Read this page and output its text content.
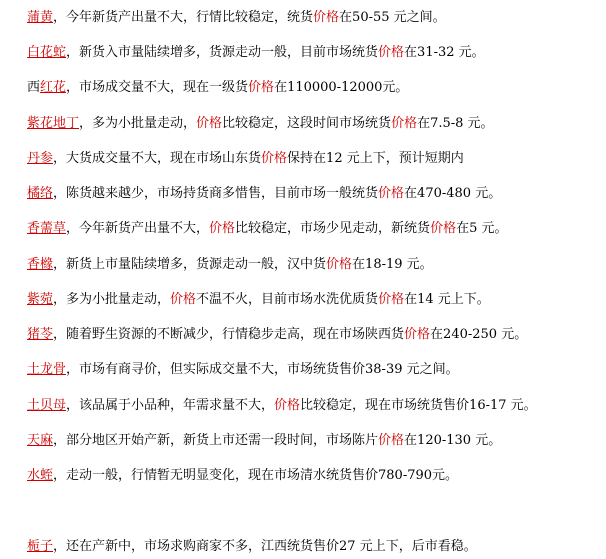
蒲黄，今年新货产出量不大，行情比较稳定，统货价格在50-55 元之间。
白花蛇，新货入市量陆续增多，货源走动一般，目前市场统货价格在31-32 元。
西红花，市场成交量不大，现在一级货价格在110000-12000元。
紫花地丁，多为小批量走动，价格比较稳定，这段时间市场统货价格在7.5-8 元。
丹参，大货成交量不大，现在市场山东货价格保持在12 元上下，预计短期内
橘络，陈货越来越少，市场持货商多惜售，目前市场一般统货价格在470-480 元。
香薷草，今年新货产出量不大，价格比较稳定，市场少见走动，新统货价格在5 元。
香橼，新货上市量陆续增多，货源走动一般，汉中货价格在18-19 元。
紫菀，多为小批量走动，价格不温不火，目前市场水洗优质货价格在14 元上下。
猪苓，随着野生资源的不断减少，行情稳步走高，现在市场陕西货价格在240-250 元。
土龙骨，市场有商寻价，但实际成交量不大，市场统货售价38-39 元之间。
土贝母，该品属于小品种，年需求量不大，价格比较稳定，现在市场统货售价16-17 元。
天麻，部分地区开始产新，新货上市还需一段时间，市场陈片价格在120-130 元。
水蛭，走动一般，行情暂无明显变化，现在市场清水统货售价780-790元。
栀子，还在产新中，市场求购商家不多，江西统货售价27 元上下，后市看稳。
